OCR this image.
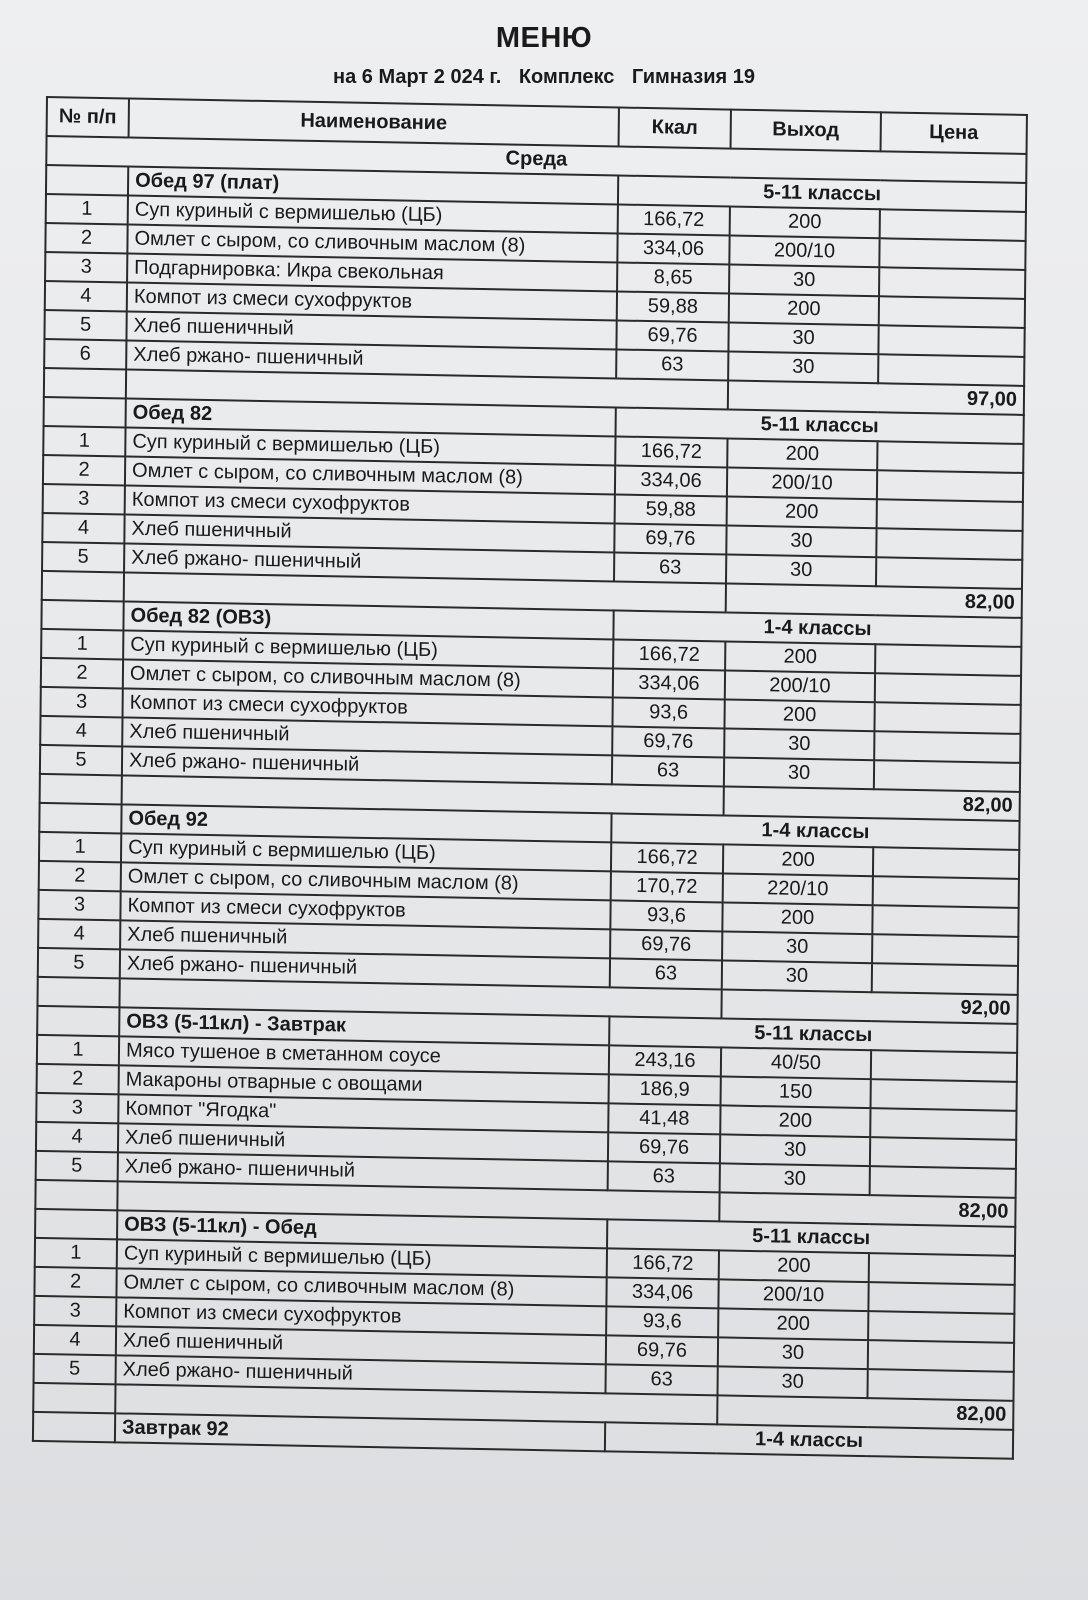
МЕНЮ
на 6 Март 2 024 г. Комплекс Гимназия 19
№ п/п	Наименование	Ккал	Выход	Цена
Среда				
	Обед 97 (плат)	5-11 классы		
1	Суп куриный с вермишелью (ЦБ)	166,72	200	
2	Омлет с сыром, со сливочным маслом (8)	334,06	200/10	
3	Подгарнировка: Икра свекольная	8,65	30	
4	Компот из смеси сухофруктов	59,88	200	
5	Хлеб пшеничный	69,76	30	
6	Хлеб ржано- пшеничный	63	30	
			97,00	
	Обед 82	5-11 классы		
1	Суп куриный с вермишелью (ЦБ)	166,72	200	
2	Омлет с сыром, со сливочным маслом (8)	334,06	200/10	
3	Компот из смеси сухофруктов	59,88	200	
4	Хлеб пшеничный	69,76	30	
5	Хлеб ржано- пшеничный	63	30	
			82,00	
	Обед 82 (ОВЗ)	1-4 классы		
1	Суп куриный с вермишелью (ЦБ)	166,72	200	
2	Омлет с сыром, со сливочным маслом (8)	334,06	200/10	
3	Компот из смеси сухофруктов	93,6	200	
4	Хлеб пшеничный	69,76	30	
5	Хлеб ржано- пшеничный	63	30	
			82,00	
	Обед 92	1-4 классы		
1	Суп куриный с вермишелью (ЦБ)	166,72	200	
2	Омлет с сыром, со сливочным маслом (8)	170,72	220/10	
3	Компот из смеси сухофруктов	93,6	200	
4	Хлеб пшеничный	69,76	30	
5	Хлеб ржано- пшеничный	63	30	
			92,00	
	ОВЗ (5-11кл) - Завтрак	5-11 классы		
1	Мясо тушеное в сметанном соусе	243,16	40/50	
2	Макароны отварные с овощами	186,9	150	
3	Компот "Ягодка"	41,48	200	
4	Хлеб пшеничный	69,76	30	
5	Хлеб ржано- пшеничный	63	30	
			82,00	
	ОВЗ (5-11кл) - Обед	5-11 классы		
1	Суп куриный с вермишелью (ЦБ)	166,72	200	
2	Омлет с сыром, со сливочным маслом (8)	334,06	200/10	
3	Компот из смеси сухофруктов	93,6	200	
4	Хлеб пшеничный	69,76	30	
5	Хлеб ржано- пшеничный	63	30	
			82,00	
	Завтрак 92	1-4 классы		
